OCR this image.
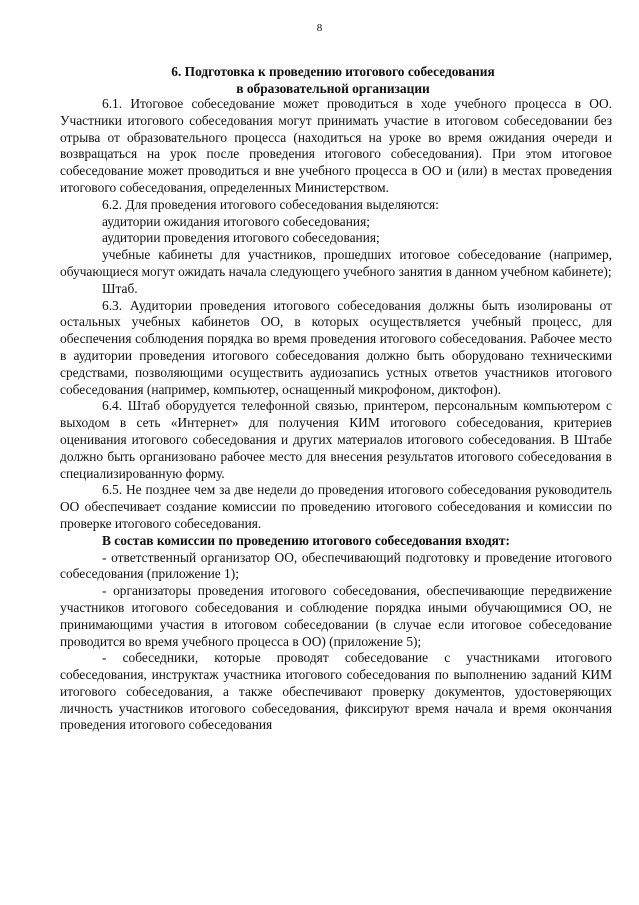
8
6. Подготовка к проведению итогового собеседования
в образовательной организации

6.1. Итоговое собеседование может проводиться в ходе учебного процесса в ОО. Участники итогового собеседования могут принимать участие в итоговом собеседовании без отрыва от образовательного процесса (находиться на уроке во время ожидания очереди и возвращаться на урок после проведения итогового собеседования). При этом итоговое собеседование может проводиться и вне учебного процесса в ОО и (или) в местах проведения итогового собеседования, определенных Министерством.

6.2. Для проведения итогового собеседования выделяются:

аудитории ожидания итогового собеседования;

аудитории проведения итогового собеседования;

учебные кабинеты для участников, прошедших итоговое собеседование (например, обучающиеся могут ожидать начала следующего учебного занятия в данном учебном кабинете);

Штаб.

6.3. Аудитории проведения итогового собеседования должны быть изолированы от остальных учебных кабинетов ОО, в которых осуществляется учебный процесс, для обеспечения соблюдения порядка во время проведения итогового собеседования. Рабочее место в аудитории проведения итогового собеседования должно быть оборудовано техническими средствами, позволяющими осуществить аудиозапись устных ответов участников итогового собеседования (например, компьютер, оснащенный микрофоном, диктофон).

6.4. Штаб оборудуется телефонной связью, принтером, персональным компьютером с выходом в сеть «Интернет» для получения КИМ итогового собеседования, критериев оценивания итогового собеседования и других материалов итогового собеседования. В Штабе должно быть организовано рабочее место для внесения результатов итогового собеседования в специализированную форму.

6.5. Не позднее чем за две недели до проведения итогового собеседования руководитель ОО обеспечивает создание комиссии по проведению итогового собеседования и комиссии по проверке итогового собеседования.

В состав комиссии по проведению итогового собеседования входят:

- ответственный организатор ОО, обеспечивающий подготовку и проведение итогового собеседования (приложение 1);

- организаторы проведения итогового собеседования, обеспечивающие передвижение участников итогового собеседования и соблюдение порядка иными обучающимися ОО, не принимающими участия в итоговом собеседовании (в случае если итоговое собеседование проводится во время учебного процесса в ОО) (приложение 5);

- собеседники, которые проводят собеседование с участниками итогового собеседования, инструктаж участника итогового собеседования по выполнению заданий КИМ итогового собеседования, а также обеспечивают проверку документов, удостоверяющих личность участников итогового собеседования, фиксируют время начала и время окончания проведения итогового собеседования
